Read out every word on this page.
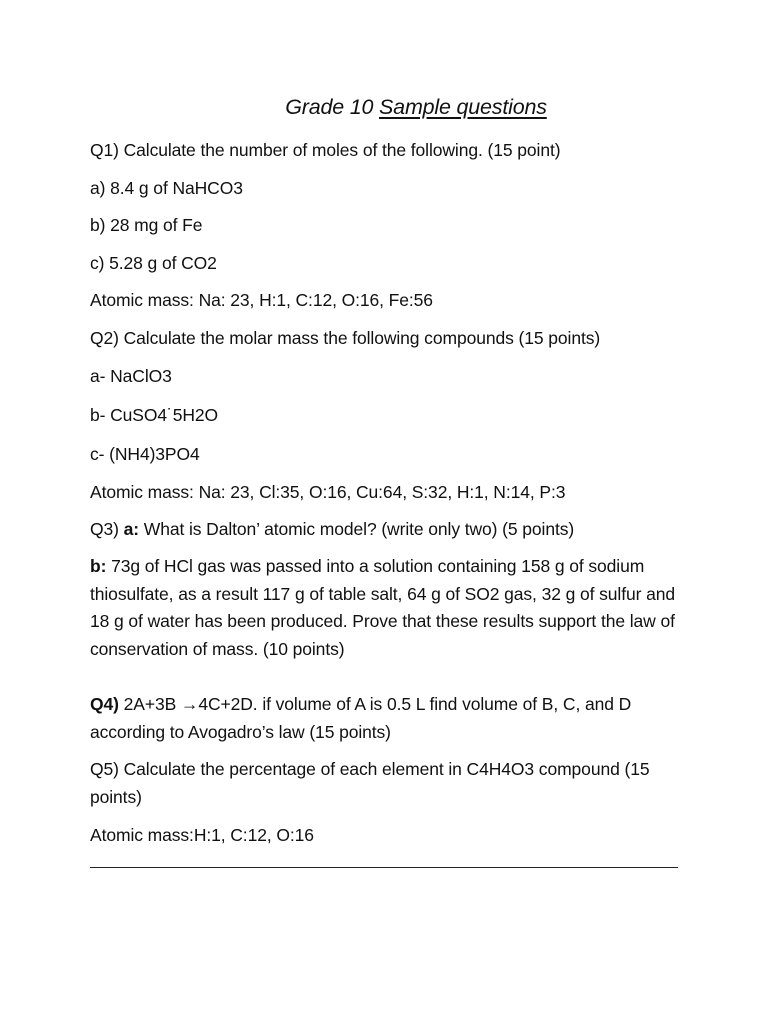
Grade 10 Sample questions
Q1) Calculate the number of moles of the following. (15 point)
a) 8.4 g of NaHCO3
b) 28 mg of Fe
c) 5.28 g of CO2
Atomic mass: Na: 23, H:1, C:12, O:16, Fe:56
Q2) Calculate the molar mass the following compounds (15 points)
a- NaClO3
b- CuSO4˙5H2O
c- (NH4)3PO4
Atomic mass: Na: 23, Cl:35, O:16, Cu:64, S:32, H:1, N:14, P:3
Q3) a: What is Dalton’ atomic model? (write only two) (5 points)
b: 73g of HCl gas was passed into a solution containing 158 g of sodium thiosulfate, as a result 117 g of table salt, 64 g of SO2 gas, 32 g of sulfur and 18 g of water has been produced. Prove that these results support the law of conservation of mass. (10 points)
Q4) 2A+3B →4C+2D. if volume of A is 0.5 L find volume of B, C, and D according to Avogadro’s law (15 points)
Q5) Calculate the percentage of each element in C4H4O3 compound (15 points)
Atomic mass:H:1, C:12, O:16
